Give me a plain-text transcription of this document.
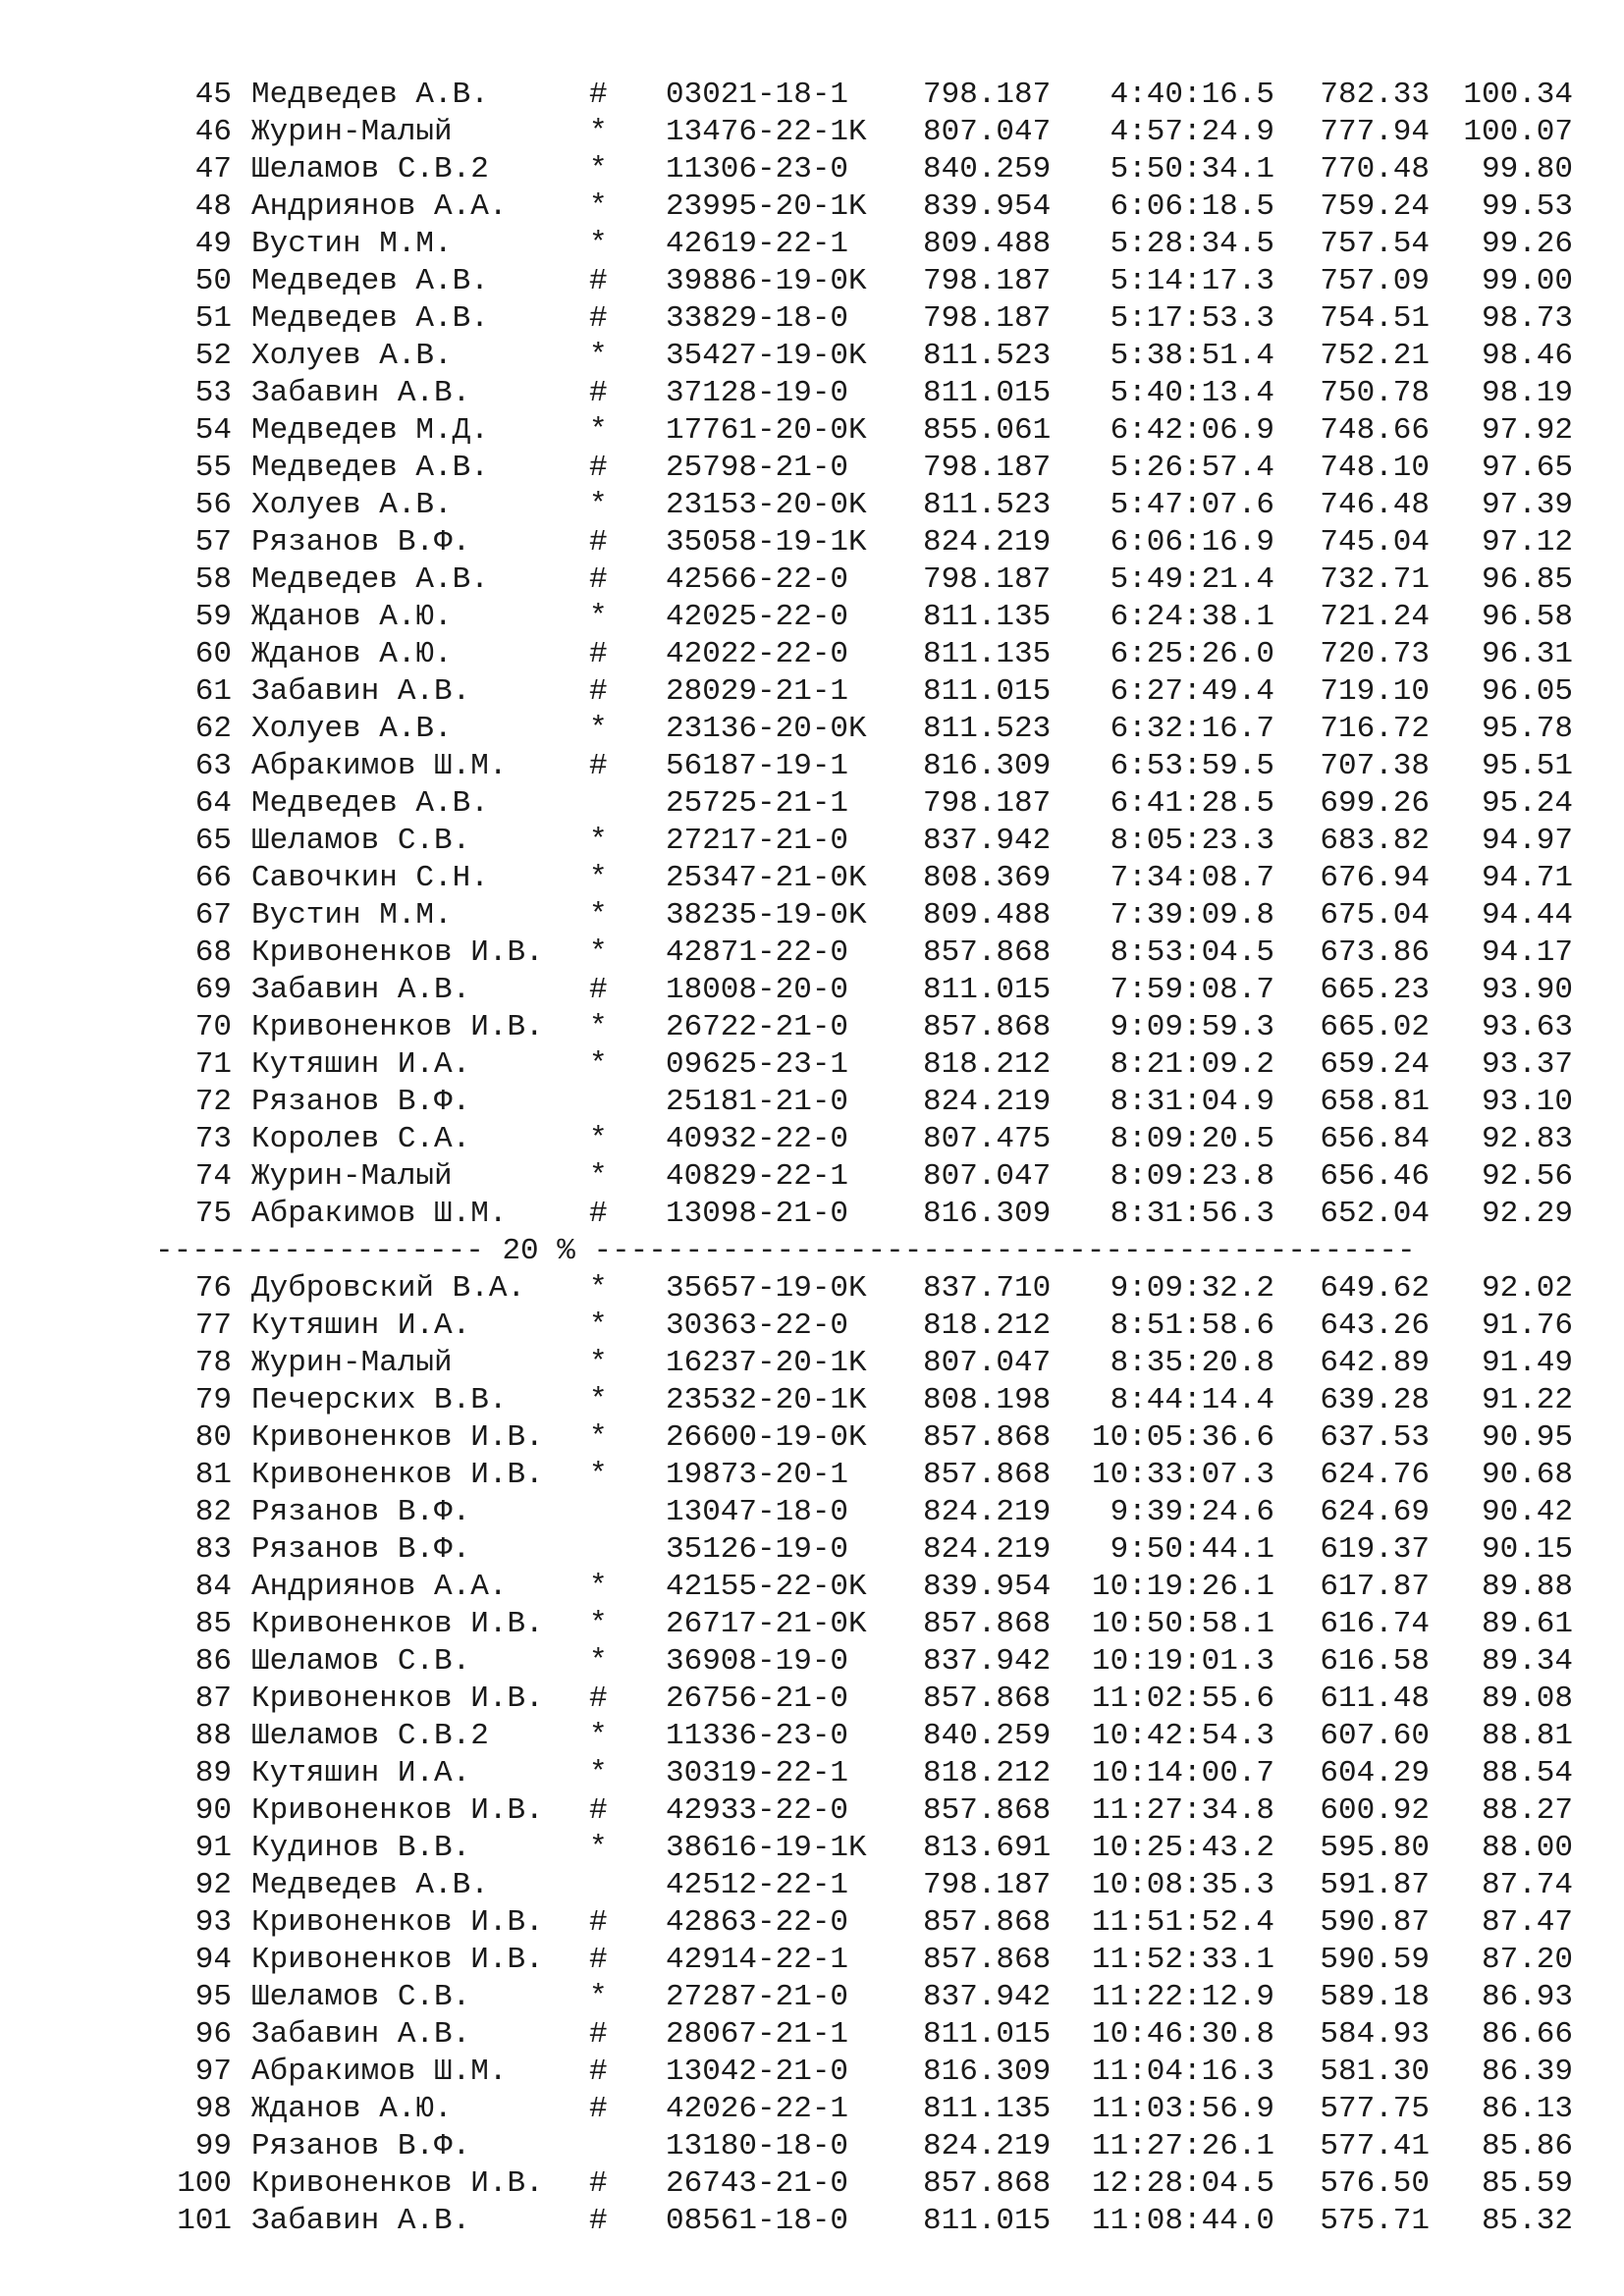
45 Медведев А.В.	# 03021-18-1 798.187	4:40:16.5	782.33	100.34
46 Журин-Малый	* 13476-22-1K 807.047	4:57:24.9	777.94	100.07
47 Шеламов С.В.2	* 11306-23-0 840.259	5:50:34.1	770.48	99.80
48 Андриянов А.А.	* 23995-20-1K 839.954	6:06:18.5	759.24	99.53
49 Вустин М.М.	* 42619-22-1 809.488	5:28:34.5	757.54	99.26
50 Медведев А.В.	# 39886-19-0K 798.187	5:14:17.3	757.09	99.00
51 Медведев А.В.	# 33829-18-0 798.187	5:17:53.3	754.51	98.73
52 Холуев А.В.	* 35427-19-0K 811.523	5:38:51.4	752.21	98.46
53 Забавин А.В.	# 37128-19-0 811.015	5:40:13.4	750.78	98.19
54 Медведев М.Д.	* 17761-20-0K 855.061	6:42:06.9	748.66	97.92
55 Медведев А.В.	# 25798-21-0 798.187	5:26:57.4	748.10	97.65
56 Холуев А.В.	* 23153-20-0K 811.523	5:47:07.6	746.48	97.39
57 Рязанов В.Ф.	# 35058-19-1K 824.219	6:06:16.9	745.04	97.12
58 Медведев А.В.	# 42566-22-0 798.187	5:49:21.4	732.71	96.85
59 Жданов А.Ю.	* 42025-22-0 811.135	6:24:38.1	721.24	96.58
60 Жданов А.Ю.	# 42022-22-0 811.135	6:25:26.0	720.73	96.31
61 Забавин А.В.	# 28029-21-1 811.015	6:27:49.4	719.10	96.05
62 Холуев А.В.	* 23136-20-0K 811.523	6:32:16.7	716.72	95.78
63 Абракимов Ш.М.	# 56187-19-1 816.309	6:53:59.5	707.38	95.51
64 Медведев А.В.	25725-21-1 798.187	6:41:28.5	699.26	95.24
65 Шеламов С.В.	* 27217-21-0 837.942	8:05:23.3	683.82	94.97
66 Савочкин С.Н.	* 25347-21-0K 808.369	7:34:08.7	676.94	94.71
67 Вустин М.М.	* 38235-19-0K 809.488	7:39:09.8	675.04	94.44
68 Кривоненков И.В. * 42871-22-0 857.868	8:53:04.5	673.86	94.17
69 Забавин А.В.	# 18008-20-0 811.015	7:59:08.7	665.23	93.90
70 Кривоненков И.В. * 26722-21-0 857.868	9:09:59.3	665.02	93.63
71 Кутяшин И.А.	* 09625-23-1 818.212	8:21:09.2	659.24	93.37
72 Рязанов В.Ф.	25181-21-0 824.219	8:31:04.9	658.81	93.10
73 Королев С.А.	* 40932-22-0 807.475	8:09:20.5	656.84	92.83
74 Журин-Малый	* 40829-22-1 807.047	8:09:23.8	656.46	92.56
75 Абракимов Ш.М.	# 13098-21-0 816.309	8:31:56.3	652.04	92.29
------------------ 20 % ---------------------------------------------
76 Дубровский В.А. * 35657-19-0K 837.710	9:09:32.2	649.62	92.02
77 Кутяшин И.А.	* 30363-22-0 818.212	8:51:58.6	643.26	91.76
78 Журин-Малый	* 16237-20-1K 807.047	8:35:20.8	642.89	91.49
79 Печерских В.В.	* 23532-20-1K 808.198	8:44:14.4	639.28	91.22
80 Кривоненков И.В. * 26600-19-0K 857.868	10:05:36.6	637.53	90.95
81 Кривоненков И.В. * 19873-20-1 857.868	10:33:07.3	624.76	90.68
82 Рязанов В.Ф.	13047-18-0 824.219	9:39:24.6	624.69	90.42
83 Рязанов В.Ф.	35126-19-0 824.219	9:50:44.1	619.37	90.15
84 Андриянов А.А.	* 42155-22-0K 839.954	10:19:26.1	617.87	89.88
85 Кривоненков И.В. * 26717-21-0K 857.868	10:50:58.1	616.74	89.61
86 Шеламов С.В.	* 36908-19-0 837.942	10:19:01.3	616.58	89.34
87 Кривоненков И.В. # 26756-21-0 857.868	11:02:55.6	611.48	89.08
88 Шеламов С.В.2	* 11336-23-0 840.259	10:42:54.3	607.60	88.81
89 Кутяшин И.А.	* 30319-22-1 818.212	10:14:00.7	604.29	88.54
90 Кривоненков И.В. # 42933-22-0 857.868	11:27:34.8	600.92	88.27
91 Кудинов В.В.	* 38616-19-1K 813.691	10:25:43.2	595.80	88.00
92 Медведев А.В.	42512-22-1 798.187	10:08:35.3	591.87	87.74
93 Кривоненков И.В. # 42863-22-0 857.868	11:51:52.4	590.87	87.47
94 Кривоненков И.В. # 42914-22-1 857.868	11:52:33.1	590.59	87.20
95 Шеламов С.В.	* 27287-21-0 837.942	11:22:12.9	589.18	86.93
96 Забавин А.В.	# 28067-21-1 811.015	10:46:30.8	584.93	86.66
97 Абракимов Ш.М.	# 13042-21-0 816.309	11:04:16.3	581.30	86.39
98 Жданов А.Ю.	# 42026-22-1 811.135	11:03:56.9	577.75	86.13
99 Рязанов В.Ф.	13180-18-0 824.219	11:27:26.1	577.41	85.86
100 Кривоненков И.В. # 26743-21-0 857.868	12:28:04.5	576.50	85.59
101 Забавин А.В.	# 08561-18-0 811.015	11:08:44.0	575.71	85.32
